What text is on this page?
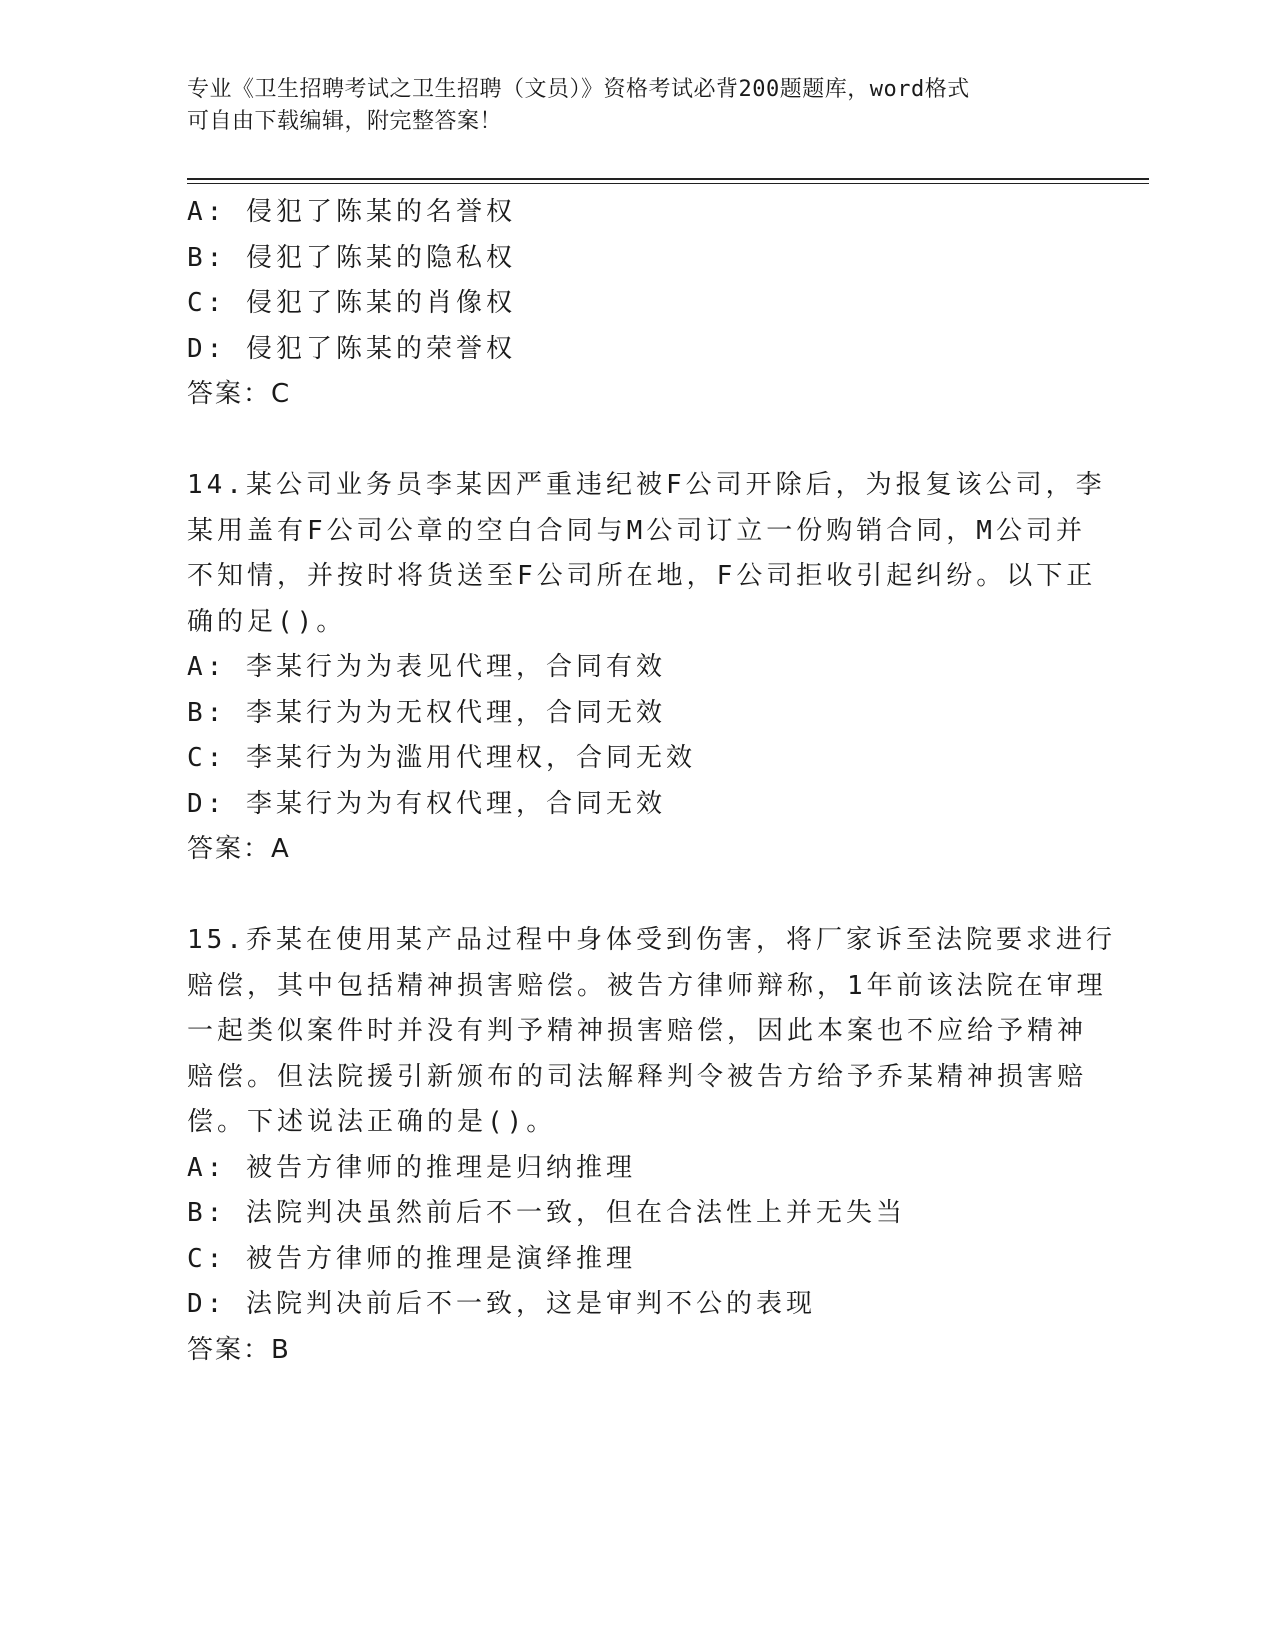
专业《卫生招聘考试之卫生招聘（文员）》资格考试必背200题题库，word格式
可自由下载编辑，附完整答案！
A: 侵犯了陈某的名誉权
B: 侵犯了陈某的隐私权
C: 侵犯了陈某的肖像权
D: 侵犯了陈某的荣誉权
答案：C
14.某公司业务员李某因严重违纪被F公司开除后，为报复该公司，李
某用盖有F公司公章的空白合同与M公司订立一份购销合同，M公司并
不知情，并按时将货送至F公司所在地，F公司拒收引起纠纷。以下正
确的足()。
A: 李某行为为表见代理，合同有效
B: 李某行为为无权代理，合同无效
C: 李某行为为滥用代理权，合同无效
D: 李某行为为有权代理，合同无效
答案：A
15.乔某在使用某产品过程中身体受到伤害，将厂家诉至法院要求进行
赔偿，其中包括精神损害赔偿。被告方律师辩称，1年前该法院在审理
一起类似案件时并没有判予精神损害赔偿，因此本案也不应给予精神
赔偿。但法院援引新颁布的司法解释判令被告方给予乔某精神损害赔
偿。下述说法正确的是()。
A: 被告方律师的推理是归纳推理
B: 法院判决虽然前后不一致，但在合法性上并无失当
C: 被告方律师的推理是演绎推理
D: 法院判决前后不一致，这是审判不公的表现
答案：B
